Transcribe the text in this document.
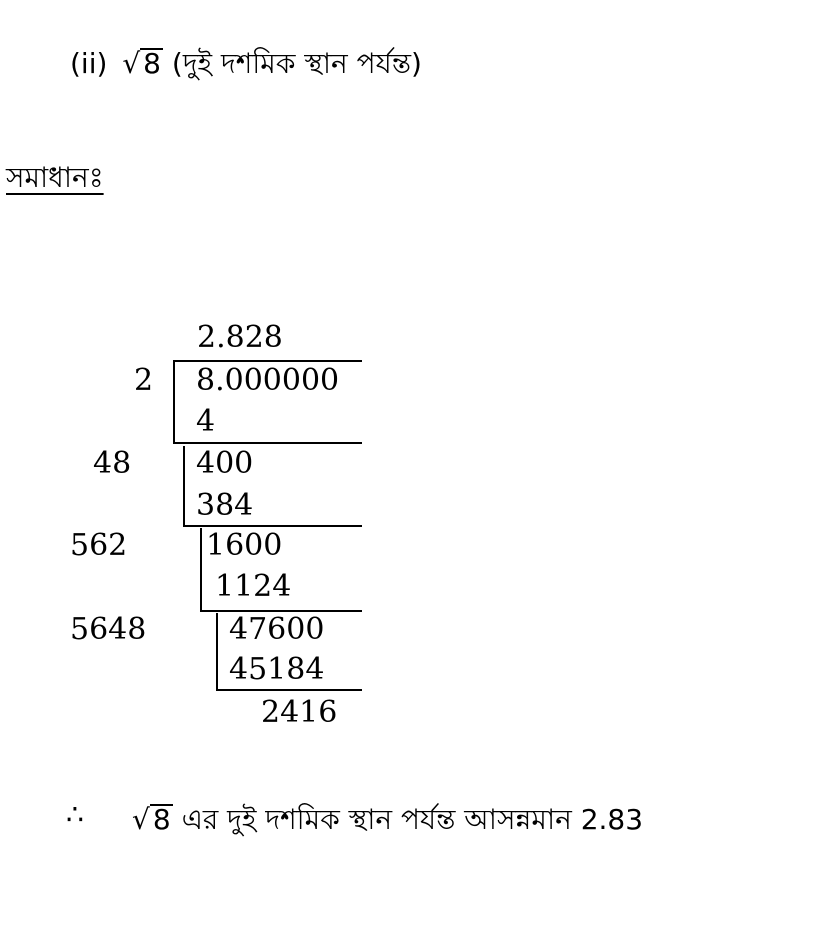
(ii) √ 8 (দুই দশমিক স্থান পর্যন্ত)
সমাধানঃ
2.828
2 8.000000
4
48 400
384
562	1600
1124
5648	47600
45184
2416
∴ √ 8 এর দুই দশমিক স্থান পর্যন্ত আসন্নমান 2.83
